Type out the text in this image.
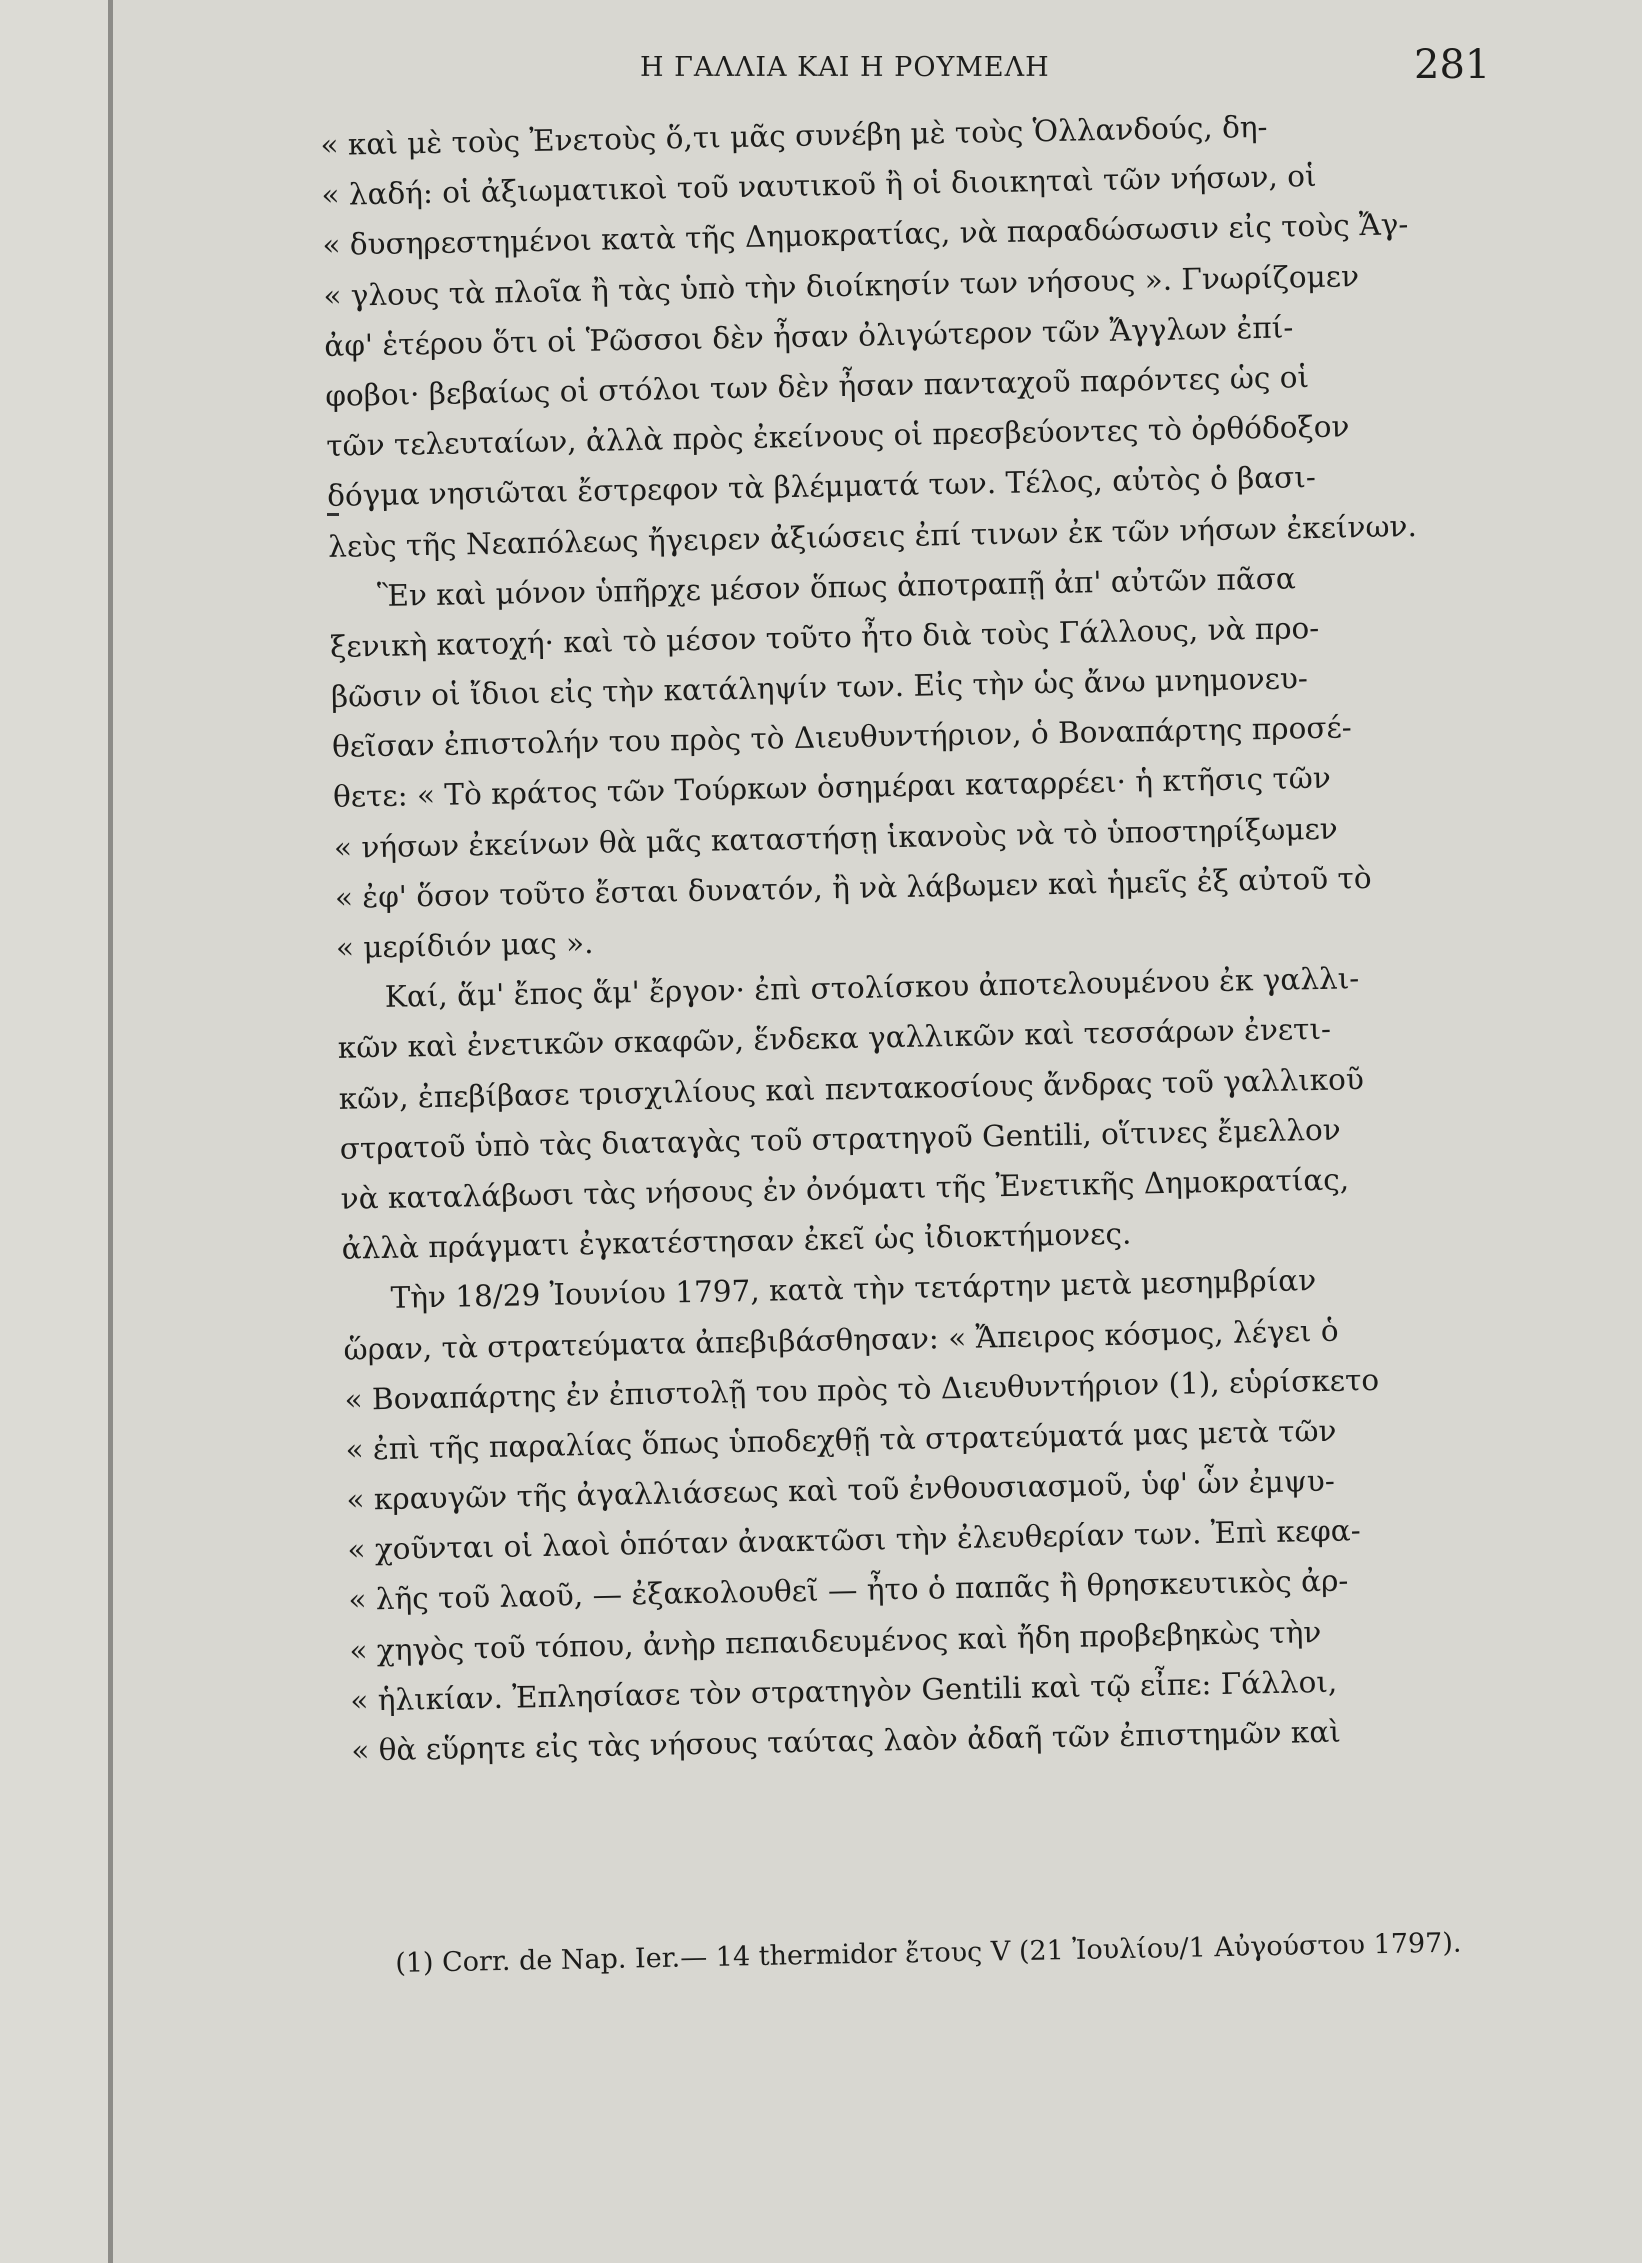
Η ΓΑΛΛΙΑ ΚΑΙ Η ΡΟΥΜΕΛΗ	281
« καὶ μὲ τοὺς Ἐνετοὺς ὅ,τι μᾶς συνέβη μὲ τοὺς Ὁλλανδούς, δη-
« λαδή: οἱ ἀξιωματικοὶ τοῦ ναυτικοῦ ἢ οἱ διοικηταὶ τῶν νήσων, οἱ
« δυσηρεστημένοι κατὰ τῆς Δημοκρατίας, νὰ παραδώσωσιν εἰς τοὺς Ἄγ-
« γλους τὰ πλοῖα ἢ τὰς ὑπὸ τὴν διοίκησίν των νήσους ». Γνωρίζομεν
ἀφ' ἑτέρου ὅτι οἱ Ῥῶσσοι δὲν ἦσαν ὀλιγώτερον τῶν Ἄγγλων ἐπί-
φοβοι· βεβαίως οἱ στόλοι των δὲν ἦσαν πανταχοῦ παρόντες ὡς οἱ
τῶν τελευταίων, ἀλλὰ πρὸς ἐκείνους οἱ πρεσβεύοντες τὸ ὀρθόδοξον
δόγμα νησιῶται ἔστρεφον τὰ βλέμματά των. Τέλος, αὐτὸς ὁ βασι-
λεὺς τῆς Νεαπόλεως ἤγειρεν ἀξιώσεις ἐπί τινων ἐκ τῶν νήσων ἐκείνων.
Ἓν καὶ μόνον ὑπῆρχε μέσον ὅπως ἀποτραπῇ ἀπ' αὐτῶν πᾶσα
ξενικὴ κατοχή· καὶ τὸ μέσον τοῦτο ἦτο διὰ τοὺς Γάλλους, νὰ προ-
βῶσιν οἱ ἴδιοι εἰς τὴν κατάληψίν των. Εἰς τὴν ὡς ἄνω μνημονευ-
θεῖσαν ἐπιστολήν του πρὸς τὸ Διευθυντήριον, ὁ Βοναπάρτης προσέ-
θετε: « Τὸ κράτος τῶν Τούρκων ὁσημέραι καταρρέει· ἡ κτῆσις τῶν
« νήσων ἐκείνων θὰ μᾶς καταστήσῃ ἱκανοὺς νὰ τὸ ὑποστηρίξωμεν
« ἐφ' ὅσον τοῦτο ἔσται δυνατόν, ἢ νὰ λάβωμεν καὶ ἡμεῖς ἐξ αὐτοῦ τὸ
« μερίδιόν μας ».
Καί, ἅμ' ἔπος ἅμ' ἔργον· ἐπὶ στολίσκου ἀποτελουμένου ἐκ γαλλι-
κῶν καὶ ἐνετικῶν σκαφῶν, ἕνδεκα γαλλικῶν καὶ τεσσάρων ἐνετι-
κῶν, ἐπεβίβασε τρισχιλίους καὶ πεντακοσίους ἄνδρας τοῦ γαλλικοῦ
στρατοῦ ὑπὸ τὰς διαταγὰς τοῦ στρατηγοῦ Gentili, οἵτινες ἔμελλον
νὰ καταλάβωσι τὰς νήσους ἐν ὀνόματι τῆς Ἐνετικῆς Δημοκρατίας,
ἀλλὰ πράγματι ἐγκατέστησαν ἐκεῖ ὡς ἰδιοκτήμονες.
Τὴν 18/29 Ἰουνίου 1797, κατὰ τὴν τετάρτην μετὰ μεσημβρίαν
ὥραν, τὰ στρατεύματα ἀπεβιβάσθησαν: « Ἄπειρος κόσμος, λέγει ὁ
« Βοναπάρτης ἐν ἐπιστολῇ του πρὸς τὸ Διευθυντήριον (1), εὑρίσκετο
« ἐπὶ τῆς παραλίας ὅπως ὑποδεχθῇ τὰ στρατεύματά μας μετὰ τῶν
« κραυγῶν τῆς ἀγαλλιάσεως καὶ τοῦ ἐνθουσιασμοῦ, ὑφ' ὧν ἐμψυ-
« χοῦνται οἱ λαοὶ ὁπόταν ἀνακτῶσι τὴν ἐλευθερίαν των. Ἐπὶ κεφα-
« λῆς τοῦ λαοῦ, — ἐξακολουθεῖ — ἦτο ὁ παπᾶς ἢ θρησκευτικὸς ἀρ-
« χηγὸς τοῦ τόπου, ἀνὴρ πεπαιδευμένος καὶ ἤδη προβεβηκὼς τὴν
« ἡλικίαν. Ἐπλησίασε τὸν στρατηγὸν Gentili καὶ τῷ εἶπε: Γάλλοι,
« θὰ εὕρητε εἰς τὰς νήσους ταύτας λαὸν ἀδαῆ τῶν ἐπιστημῶν καὶ
(1) Corr. de Nap. Ier.— 14 thermidor ἔτους V (21 Ἰουλίου/1 Αὐγούστου 1797).
